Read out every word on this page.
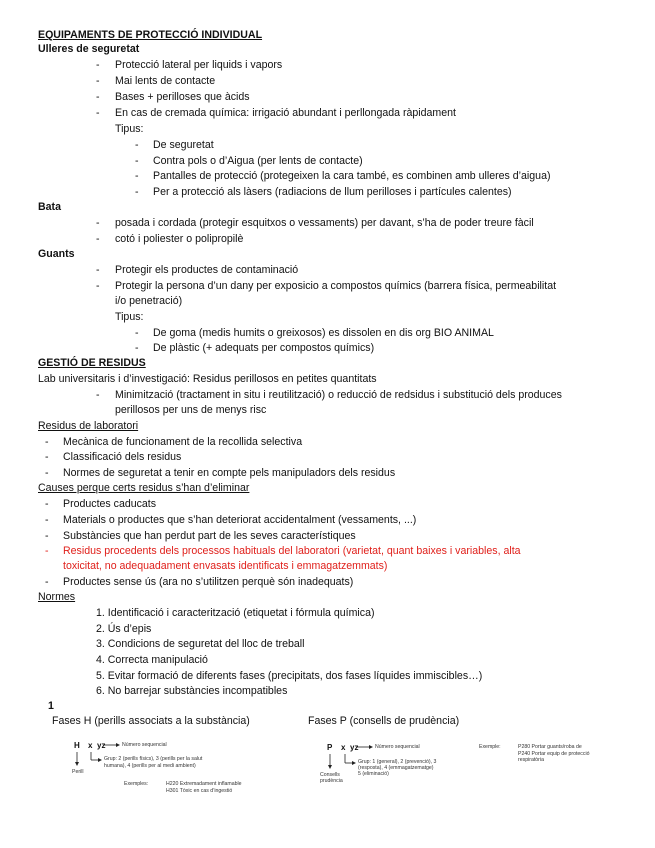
EQUIPAMENTS DE PROTECCIÓ INDIVIDUAL
Ulleres de seguretat
- Protecció lateral per liquids i vapors
- Mai lents de contacte
- Bases + perilloses que àcids
- En cas de cremada química: irrigació abundant i perllongada ràpidament
Tipus:
- De seguretat
- Contra pols o d’Aigua (per lents de contacte)
- Pantalles de protecció (protegeixen la cara també, es combinen amb ulleres d’aigua)
- Per a protecció als làsers (radiacions de llum perilloses i partícules calentes)
Bata
- posada i cordada (protegir esquitxos o vessaments) per davant, s’ha de poder treure fàcil
- cotó i poliester o polipropilè
Guants
- Protegir els productes de contaminació
- Protegir la persona d’un dany per exposicio a compostos químics (barrera física, permeabilitat
i/o penetració)
Tipus:
- De goma (medis humits o greixosos) es dissolen en dis org BIO ANIMAL
- De plàstic (+ adequats per compostos químics)
GESTIÓ DE RESIDUS
Lab universitaris i d’investigació: Residus perillosos en petites quantitats
- Minimització (tractament in situ i reutilització) o reducció de redsidus i substitució dels produces
perillosos per uns de menys risc
Residus de laboratori
- Mecànica de funcionament de la recollida selectiva
- Classificació dels residus
- Normes de seguretat a tenir en compte pels manipuladors dels residus
Causes perque certs residus s’han d’eliminar
- Productes caducats
- Materials o productes que s’han deteriorat accidentalment (vessaments, ...)
- Substàncies que han perdut part de les seves característiques
- Residus procedents dels processos habituals del laboratori (varietat, quant baixes i variables, alta
toxicitat, no adequadament envasats identificats i emmagatzemmats)
- Productes sense ús (ara no s’utilitzen perquè són inadequats)
Normes
1. Identificació i caracterització (etiquetat i fórmula química)
2. Ús d’epis
3. Condicions de seguretat del lloc de treball
4. Correcta manipulació
5. Evitar formació de diferents fases (precipitats, dos fases líquides immiscibles…)
6. No barrejar substàncies incompatibles
1
Fases H (perills associats a la substància)	Fases P (consells de prudència)
H x yz	Número sequencial
Grup: 2 (perills físics), 3 (perills per la salut
humana), 4 (perills per al medi ambient)
Perill
Exemples:	H220 Extremadament inflamable
H301 Tòxic en cas d’ingestió
P x yz	Número sequencial
Grup: 1 (general), 2 (prevenció), 3
(resposta), 4 (emmagatzematge)
5 (eliminació)
Consells
prudència
Exemple:	P280 Portar guants/roba de
P240 Portar equip de protecció
respiratòria
